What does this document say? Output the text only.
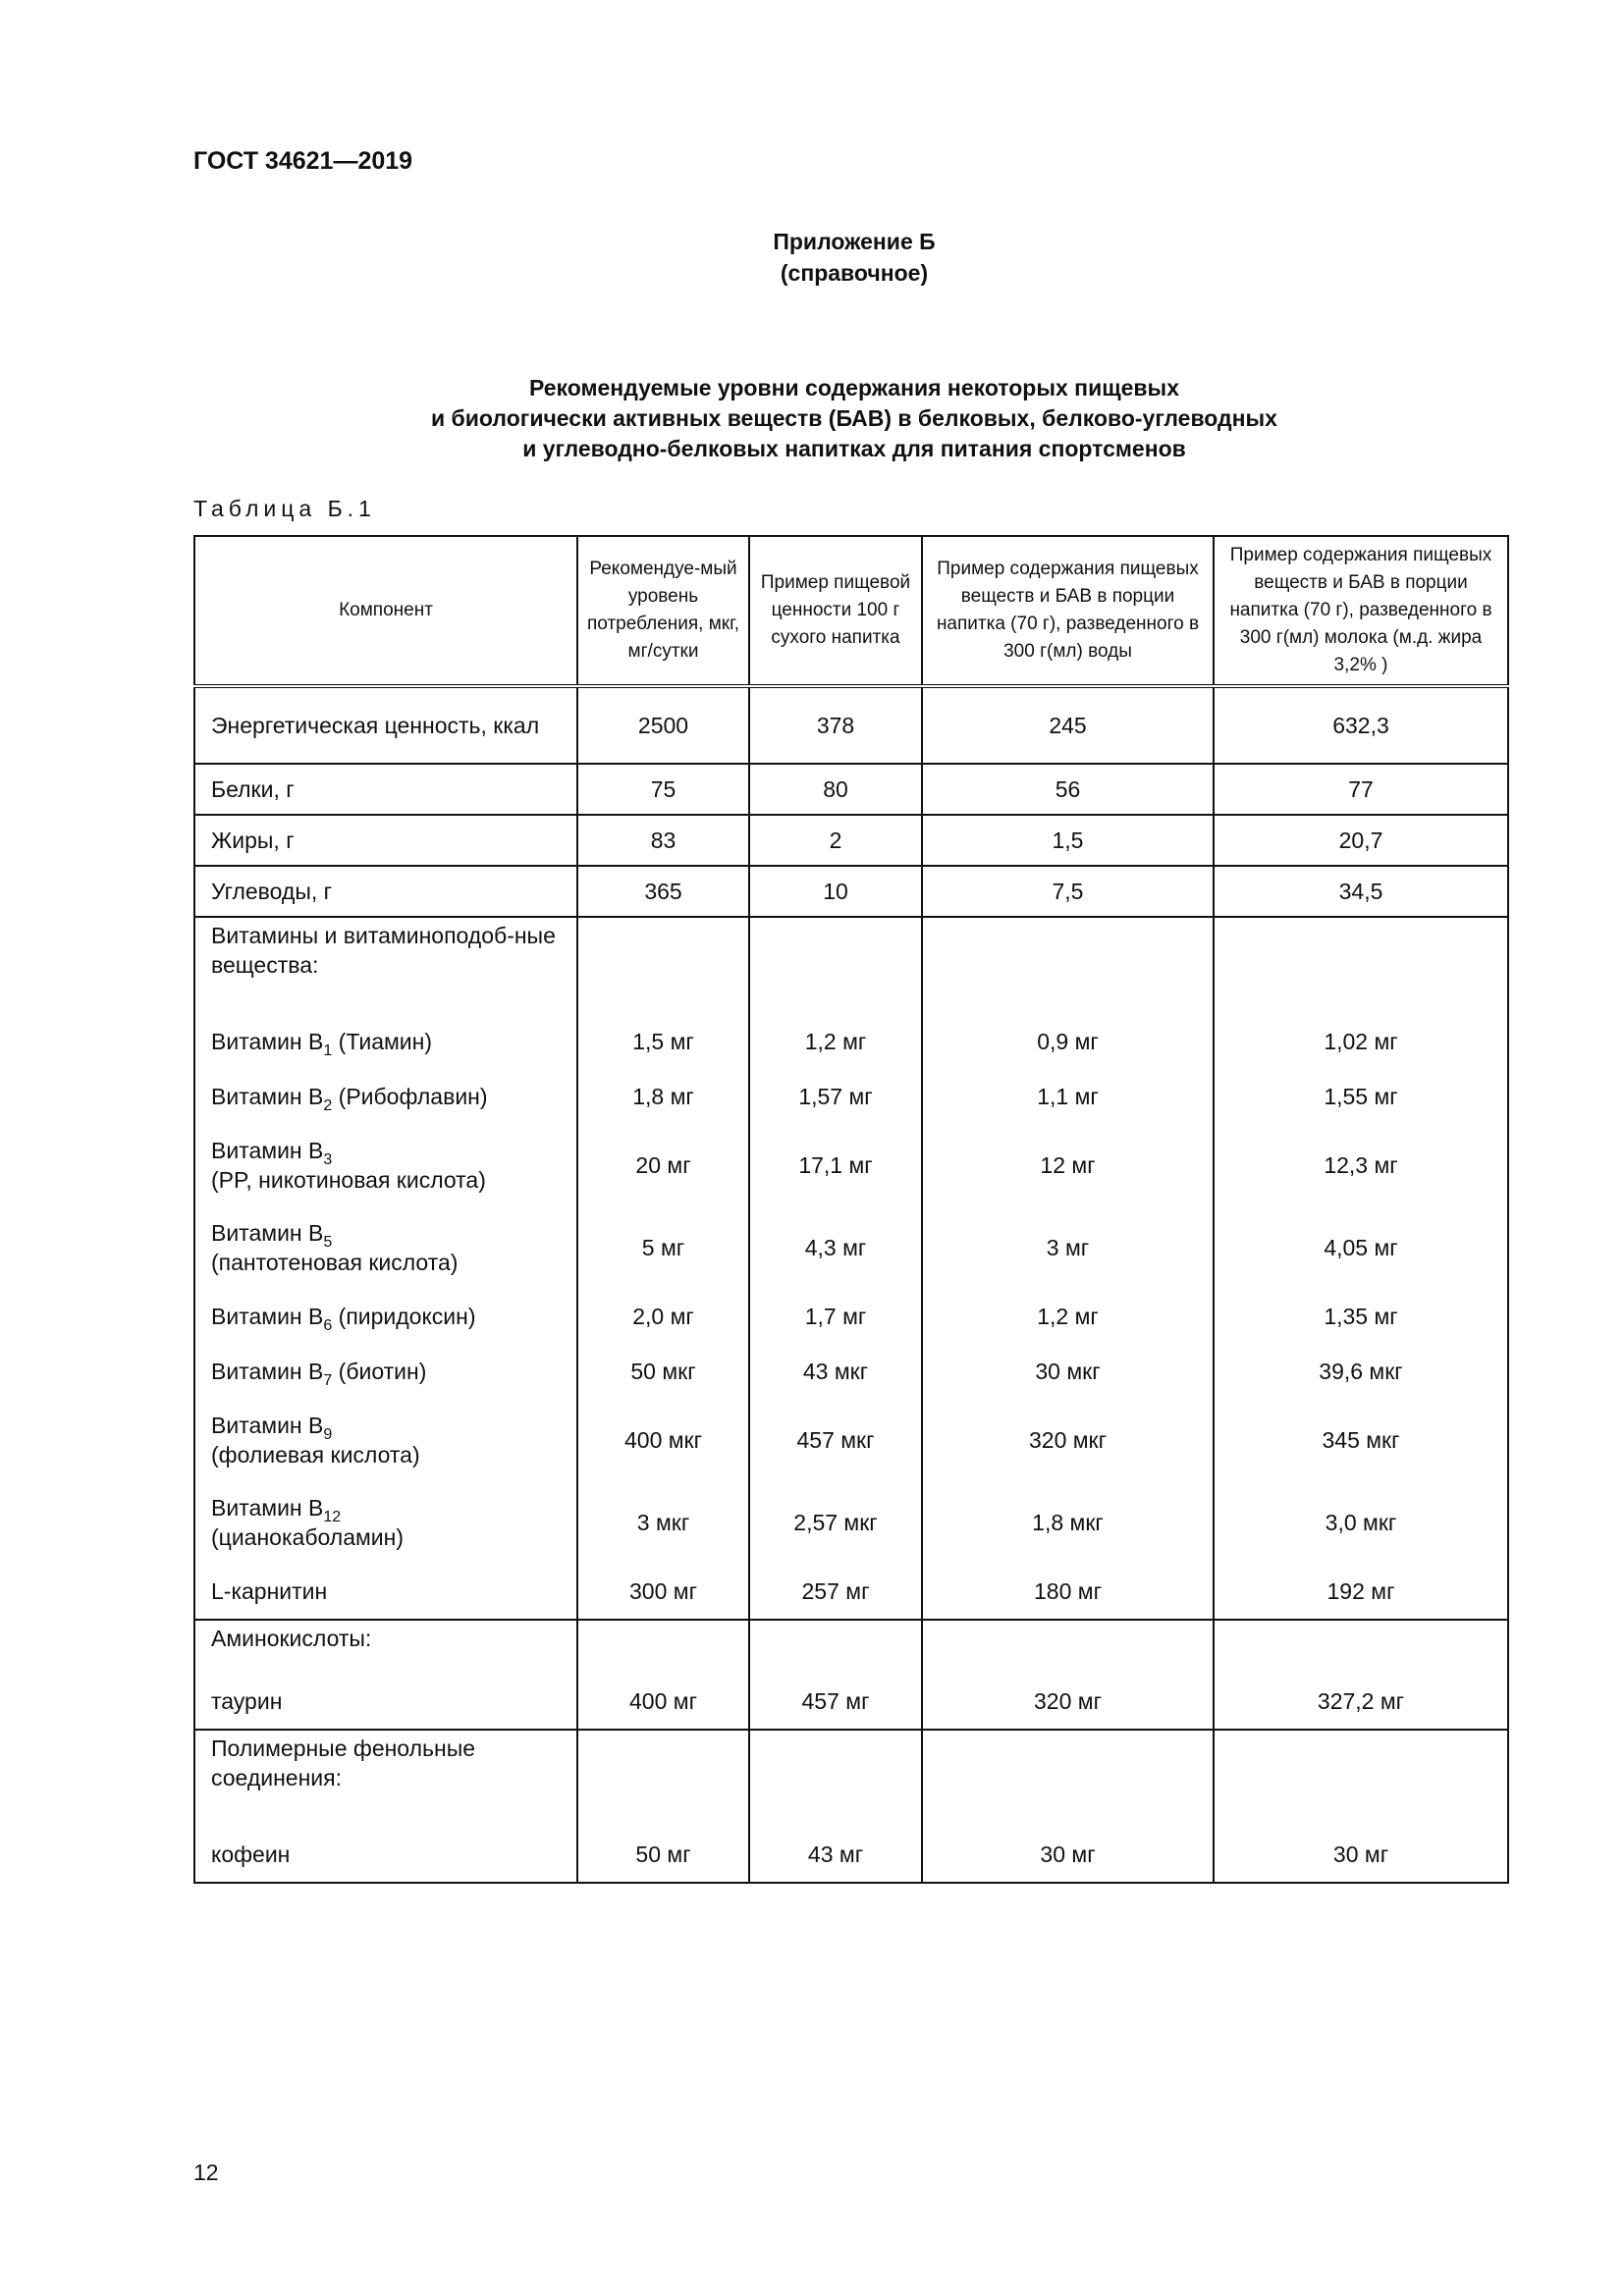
ГОСТ 34621—2019
Приложение Б
(справочное)
Рекомендуемые уровни содержания некоторых пищевых
и биологически активных веществ (БАВ) в белковых, белково-углеводных
и углеводно-белковых напитках для питания спортсменов
Таблица Б.1
Компонент	Рекомендуе-мый уровень потребления, мкг, мг/сутки	Пример пищевой ценности 100 г сухого напитка	Пример содержания пищевых веществ и БАВ в порции напитка (70 г), разведенного в 300 г(мл) воды	Пример содержания пищевых веществ и БАВ в порции напитка (70 г), разведенного в 300 г(мл) молока (м.д. жира 3,2% )
Энергетическая ценность, ккал	2500	378	245	632,3
Белки, г	75	80	56	77
Жиры, г	83	2	1,5	20,7
Углеводы, г	365	10	7,5	34,5
Витамины и витаминоподоб-ные вещества:				
Витамин $B_1$ (Тиамин)	1,5 мг	1,2 мг	0,9 мг	1,02 мг
Витамин $B_2$ (Рибофлавин)	1,8 мг	1,57 мг	1,1 мг	1,55 мг
Витамин $B_3$
(PP, никотиновая кислота)	20 мг	17,1 мг	12 мг	12,3 мг
Витамин $B_5$
(пантотеновая кислота)	5 мг	4,3 мг	3 мг	4,05 мг
Витамин $B_6$ (пиридоксин)	2,0 мг	1,7 мг	1,2 мг	1,35 мг
Витамин $B_7$ (биотин)	50 мкг	43 мкг	30 мкг	39,6 мкг
Витамин $B_9$
(фолиевая кислота)	400 мкг	457 мкг	320 мкг	345 мкг
Витамин $B_{12}$
(цианокаболамин)	3 мкг	2,57 мкг	1,8 мкг	3,0 мкг
L-карнитин	300 мг	257 мг	180 мг	192 мг
Аминокислоты:				
таурин	400 мг	457 мг	320 мг	327,2 мг
Полимерные фенольные соединения:				
кофеин	50 мг	43 мг	30 мг	30 мг
12
